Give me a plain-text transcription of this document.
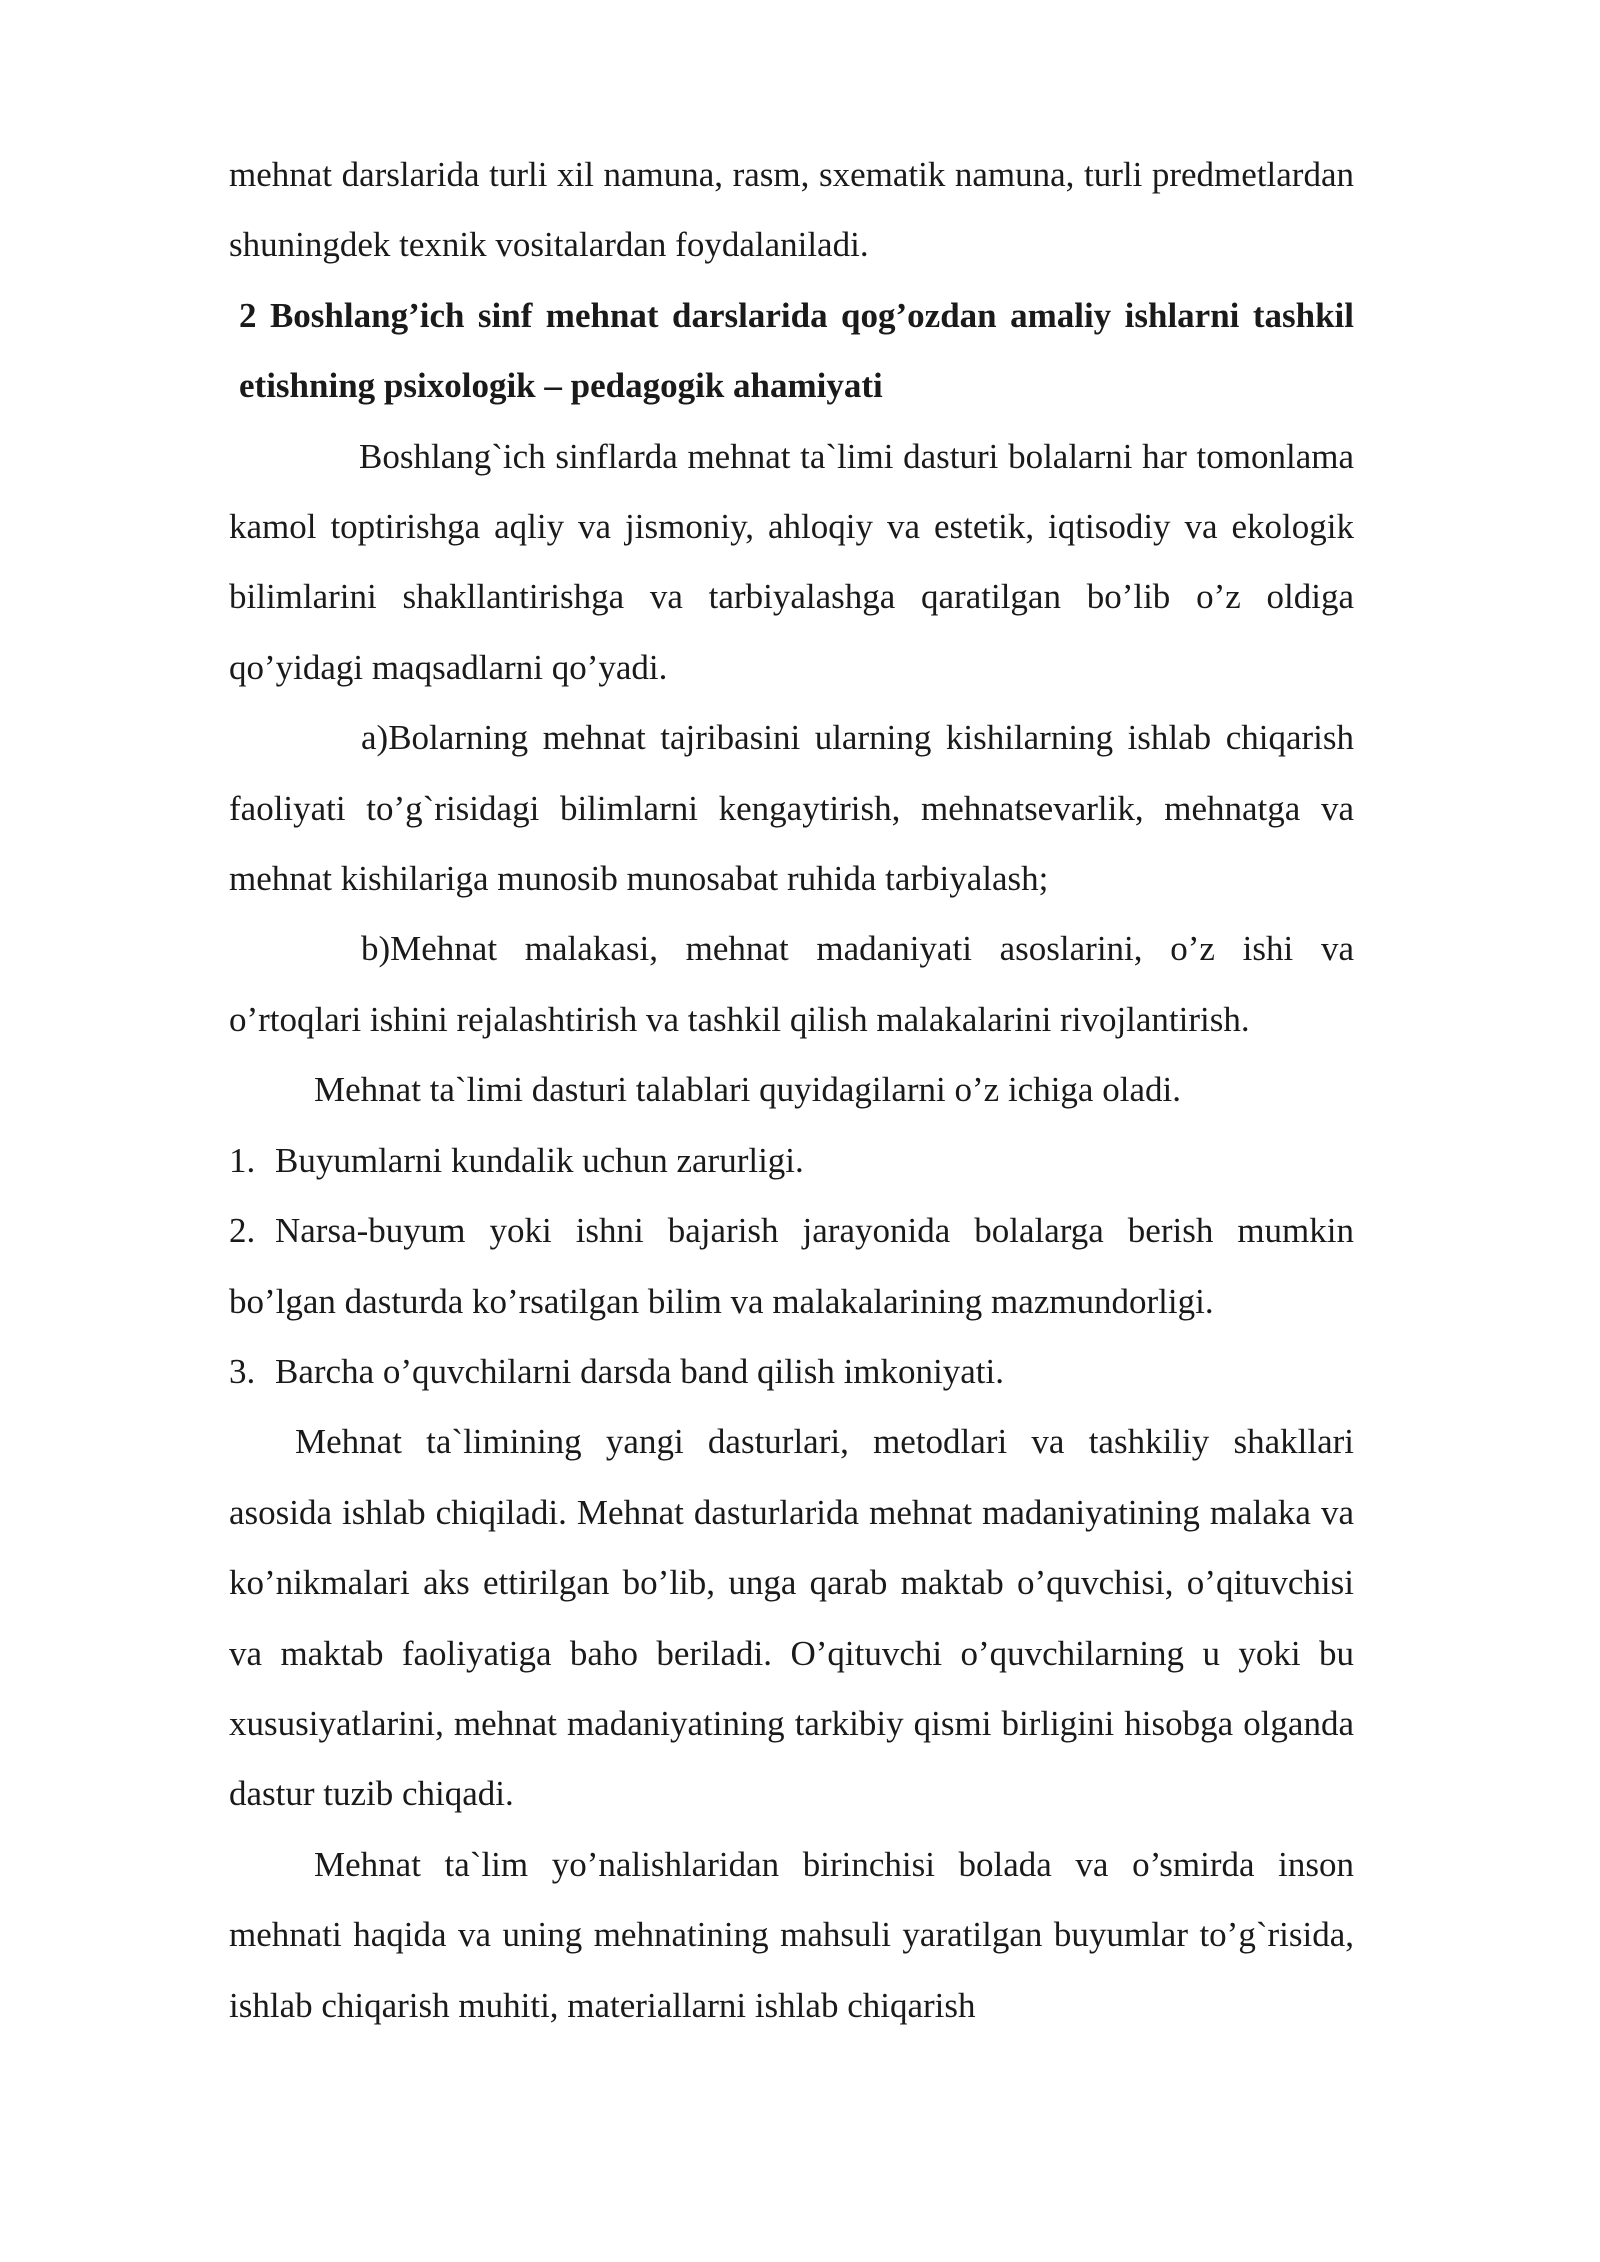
mehnat darslarida turli xil namuna, rasm, sxematik namuna, turli predmetlardan shuningdek texnik vositalardan foydalaniladi.

2 Boshlang’ich sinf mehnat darslarida qog’ozdan amaliy ishlarni tashkil etishning psixologik – pedagogik ahamiyati

Boshlang`ich sinflarda mehnat ta`limi dasturi bolalarni har tomonlama kamol toptirishga aqliy va jismoniy, ahloqiy va estetik, iqtisodiy va ekologik bilimlarini shakllantirishga va tarbiyalashga qaratilgan bo’lib o’z oldiga qo’yidagi maqsadlarni qo’yadi.

a)Bolarning mehnat tajribasini ularning kishilarning ishlab chiqarish faoliyati to’g`risidagi bilimlarni kengaytirish, mehnatsevarlik, mehnatga va mehnat kishilariga munosib munosabat ruhida tarbiyalash;

b)Mehnat malakasi, mehnat madaniyati asoslarini, o’z ishi va o’rtoqlari ishini rejalashtirish va tashkil qilish malakalarini rivojlantirish.

Mehnat ta`limi dasturi talablari quyidagilarni o’z ichiga oladi.

1. Buyumlarni kundalik uchun zarurligi.

2. Narsa-buyum yoki ishni bajarish jarayonida bolalarga berish mumkin bo’lgan dasturda ko’rsatilgan bilim va malakalarining mazmundorligi.

3. Barcha o’quvchilarni darsda band qilish imkoniyati.

Mehnat ta`limining yangi dasturlari, metodlari va tashkiliy shakllari asosida ishlab chiqiladi. Mehnat dasturlarida mehnat madaniyatining malaka va ko’nikmalari aks ettirilgan bo’lib, unga qarab maktab o’quvchisi, o’qituvchisi va maktab faoliyatiga baho beriladi. O’qituvchi o’quvchilarning u yoki bu xususiyatlarini, mehnat madaniyatining tarkibiy qismi birligini hisobga olganda dastur tuzib chiqadi.

Mehnat ta`lim yo’nalishlaridan birinchisi bolada va o’smirda inson mehnati haqida va uning mehnatining mahsuli yaratilgan buyumlar to’g`risida, ishlab chiqarish muhiti, materiallarni ishlab chiqarish
